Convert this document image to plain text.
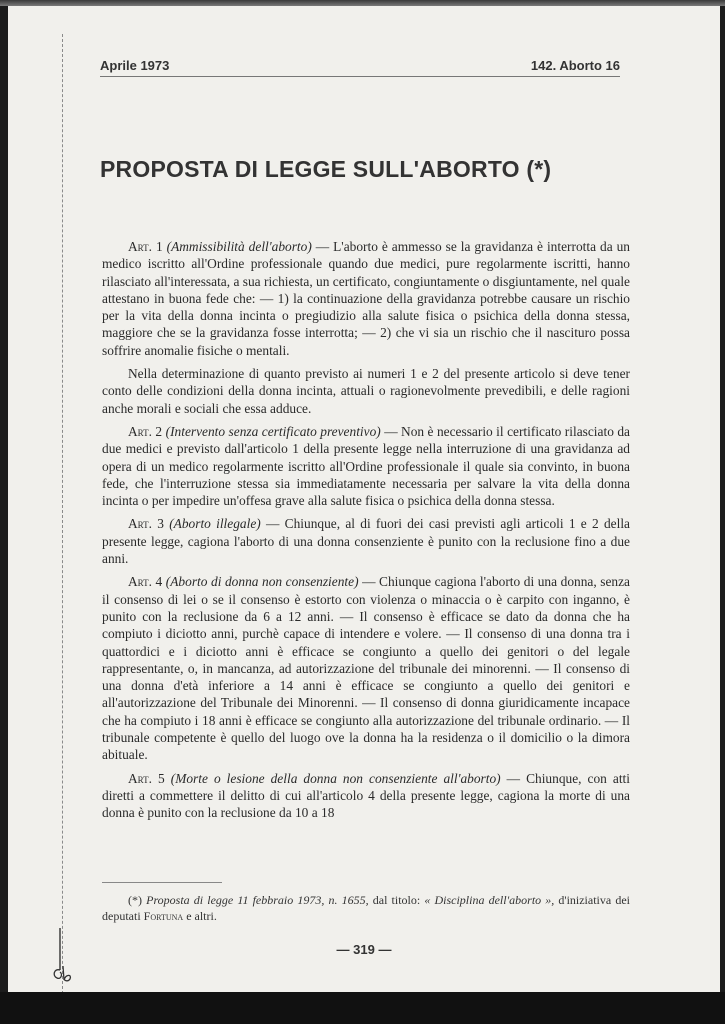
Aprile 1973	142. Aborto 16
PROPOSTA DI LEGGE SULL'ABORTO (*)

Art. 1 (Ammissibilità dell'aborto) — L'aborto è ammesso se la gravidanza è interrotta da un medico iscritto all'Ordine professionale quando due medici, pure regolarmente iscritti, hanno rilasciato all'interessata, a sua richiesta, un certificato, congiuntamente o disgiuntamente, nel quale attestano in buona fede che: — 1) la continuazione della gravidanza potrebbe causare un rischio per la vita della donna incinta o pregiudizio alla salute fisica o psichica della donna stessa, maggiore che se la gravidanza fosse interrotta; — 2) che vi sia un rischio che il nascituro possa soffrire anomalie fisiche o mentali.

Nella determinazione di quanto previsto ai numeri 1 e 2 del presente articolo si deve tener conto delle condizioni della donna incinta, attuali o ragionevolmente prevedibili, e delle ragioni anche morali e sociali che essa adduce.

Art. 2 (Intervento senza certificato preventivo) — Non è necessario il certificato rilasciato da due medici e previsto dall'articolo 1 della presente legge nella interruzione di una gravidanza ad opera di un medico regolarmente iscritto all'Ordine professionale il quale sia convinto, in buona fede, che l'interruzione stessa sia immediatamente necessaria per salvare la vita della donna incinta o per impedire un'offesa grave alla salute fisica o psichica della donna stessa.

Art. 3 (Aborto illegale) — Chiunque, al di fuori dei casi previsti agli articoli 1 e 2 della presente legge, cagiona l'aborto di una donna consenziente è punito con la reclusione fino a due anni.

Art. 4 (Aborto di donna non consenziente) — Chiunque cagiona l'aborto di una donna, senza il consenso di lei o se il consenso è estorto con violenza o minaccia o è carpito con inganno, è punito con la reclusione da 6 a 12 anni. — Il consenso è efficace se dato da donna che ha compiuto i diciotto anni, purchè capace di intendere e volere. — Il consenso di una donna tra i quattordici e i diciotto anni è efficace se congiunto a quello dei genitori o del legale rappresentante, o, in mancanza, ad autorizzazione del tribunale dei minorenni. — Il consenso di una donna d'età inferiore a 14 anni è efficace se congiunto a quello dei genitori e all'autorizzazione del Tribunale dei Minorenni. — Il consenso di donna giuridicamente incapace che ha compiuto i 18 anni è efficace se congiunto alla autorizzazione del tribunale ordinario. — Il tribunale competente è quello del luogo ove la donna ha la residenza o il domicilio o la dimora abituale.

Art. 5 (Morte o lesione della donna non consenziente all'aborto) — Chiunque, con atti diretti a commettere il delitto di cui all'articolo 4 della presente legge, cagiona la morte di una donna è punito con la reclusione da 10 a 18

(*) Proposta di legge 11 febbraio 1973, n. 1655, dal titolo: « Disciplina dell'aborto », d'iniziativa dei deputati Fortuna e altri.
— 319 —
